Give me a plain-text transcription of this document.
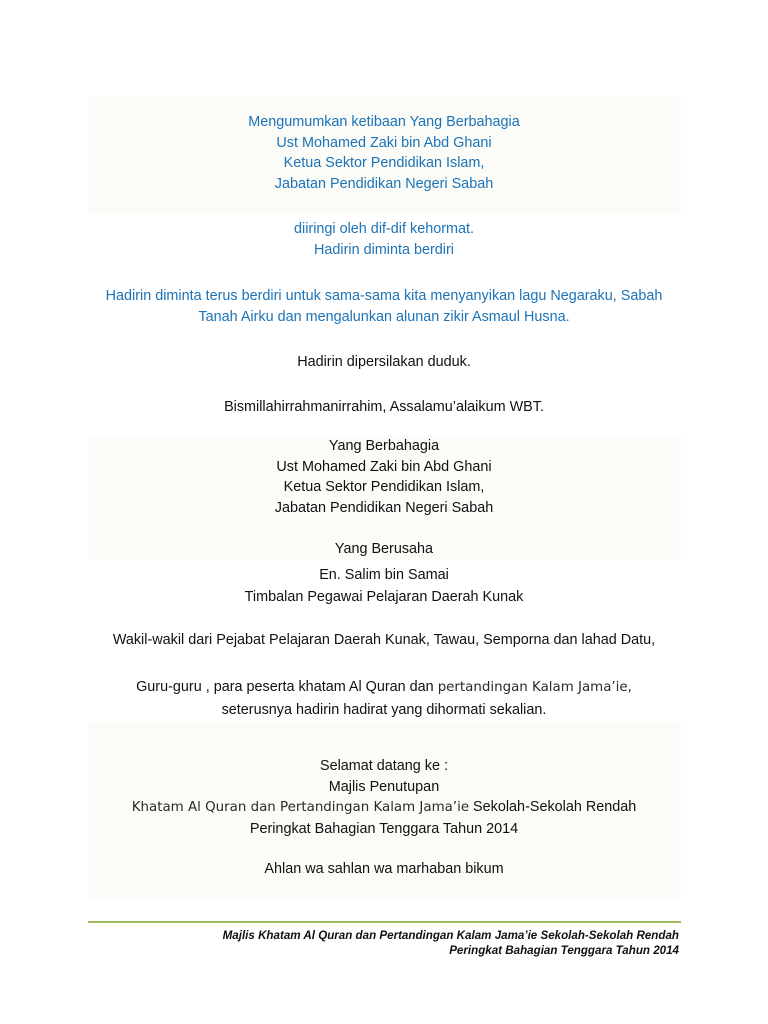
Mengumumkan ketibaan Yang Berbahagia
Ust Mohamed Zaki bin Abd Ghani
Ketua Sektor Pendidikan Islam,
Jabatan Pendidikan Negeri Sabah
diiringi oleh dif-dif kehormat.
Hadirin diminta berdiri
Hadirin diminta terus berdiri untuk sama-sama kita menyanyikan lagu Negaraku, Sabah
Tanah Airku dan mengalunkan alunan zikir Asmaul Husna.
Hadirin dipersilakan duduk.
Bismillahirrahmanirrahim, Assalamu’alaikum WBT.
Yang Berbahagia
Ust Mohamed Zaki bin Abd Ghani
Ketua Sektor Pendidikan Islam,
Jabatan Pendidikan Negeri Sabah
Yang Berusaha
En. Salim bin Samai
Timbalan Pegawai Pelajaran Daerah Kunak
Wakil-wakil dari Pejabat Pelajaran Daerah Kunak, Tawau, Semporna dan lahad Datu,
Guru-guru , para peserta khatam Al Quran dan pertandingan Kalam Jama’ie,
seterusnya hadirin hadirat yang dihormati sekalian.
Selamat datang ke :
Majlis Penutupan
Khatam Al Quran dan Pertandingan Kalam Jama’ie Sekolah-Sekolah Rendah
Peringkat Bahagian Tenggara Tahun 2014
Ahlan wa sahlan wa marhaban bikum
Majlis Khatam Al Quran dan Pertandingan Kalam Jama’ie Sekolah-Sekolah Rendah
Peringkat Bahagian Tenggara Tahun 2014
